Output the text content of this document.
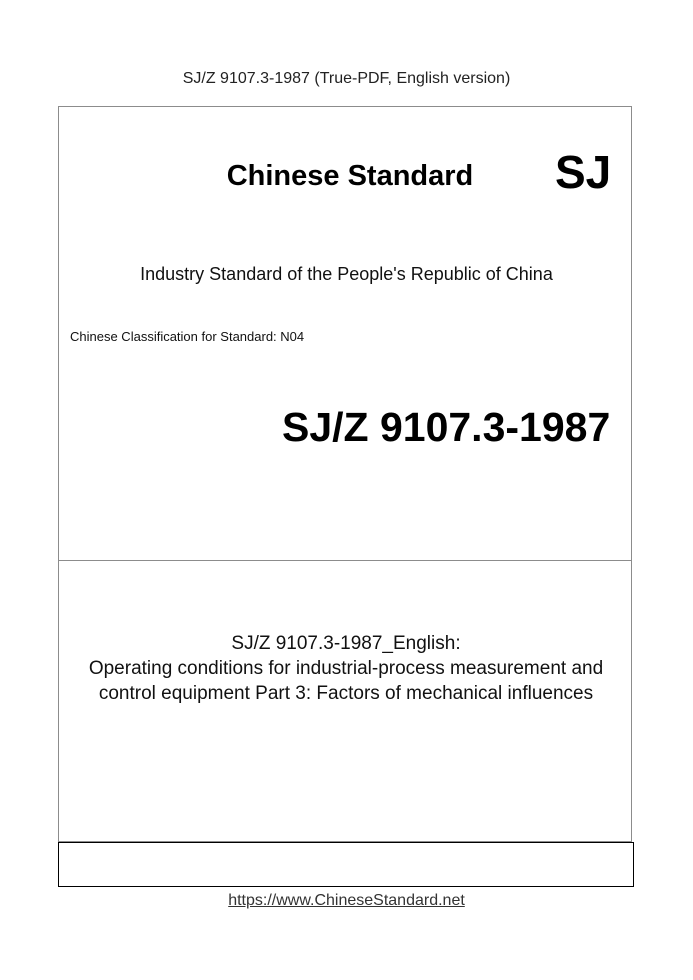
SJ/Z 9107.3-1987 (True-PDF, English version)
Chinese Standard	SJ
Industry Standard of the People's Republic of China
Chinese Classification for Standard: N04
SJ/Z 9107.3-1987
SJ/Z 9107.3-1987_English:
Operating conditions for industrial-process measurement and
control equipment Part 3: Factors of mechanical influences
https://www.ChineseStandard.net
